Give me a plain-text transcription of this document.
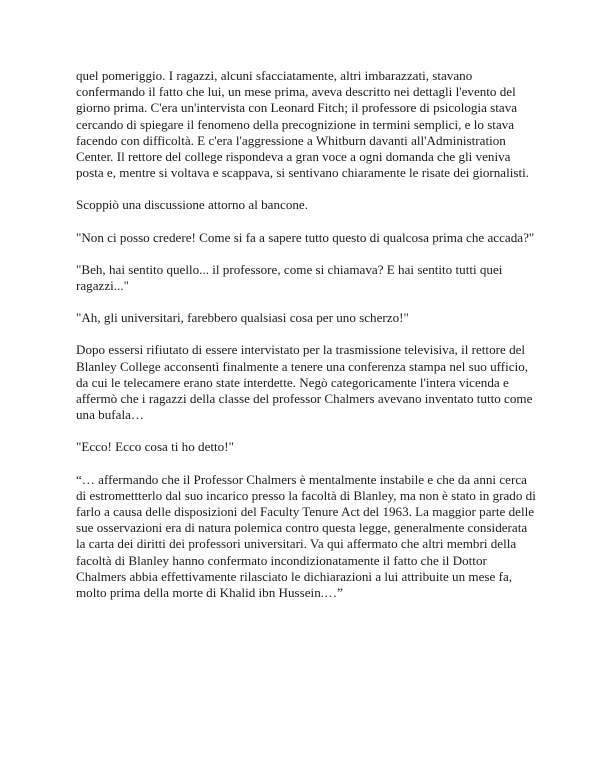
quel pomeriggio. I ragazzi, alcuni sfacciatamente, altri imbarazzati, stavano confermando il fatto che lui, un mese prima, aveva descritto nei dettagli l'evento del giorno prima. C'era un'intervista con Leonard Fitch; il professore di psicologia stava cercando di spiegare il fenomeno della precognizione in termini semplici, e lo stava facendo con difficoltà. E c'era l'aggressione a Whitburn davanti all'Administration Center. Il rettore del college rispondeva a gran voce a ogni domanda che gli veniva posta e, mentre si voltava e scappava, si sentivano chiaramente le risate dei giornalisti.

Scoppiò una discussione attorno al bancone.

"Non ci posso credere! Come si fa a sapere tutto questo di qualcosa prima che accada?"

"Beh, hai sentito quello... il professore, come si chiamava? E hai sentito tutti quei ragazzi..."

"Ah, gli universitari, farebbero qualsiasi cosa per uno scherzo!"

Dopo essersi rifiutato di essere intervistato per la trasmissione televisiva, il rettore del Blanley College acconsentì finalmente a tenere una conferenza stampa nel suo ufficio, da cui le telecamere erano state interdette. Negò categoricamente l'intera vicenda e affermò che i ragazzi della classe del professor Chalmers avevano inventato tutto come una bufala…

"Ecco! Ecco cosa ti ho detto!"

“… affermando che il Professor Chalmers è mentalmente instabile e che da anni cerca di estromettterlo dal suo incarico presso la facoltà di Blanley, ma non è stato in grado di farlo a causa delle disposizioni del Faculty Tenure Act del 1963. La maggior parte delle sue osservazioni era di natura polemica contro questa legge, generalmente considerata la carta dei diritti dei professori universitari. Va qui affermato che altri membri della facoltà di Blanley hanno confermato incondizionatamente il fatto che il Dottor Chalmers abbia effettivamente rilasciato le dichiarazioni a lui attribuite un mese fa, molto prima della morte di Khalid ibn Hussein.…”
